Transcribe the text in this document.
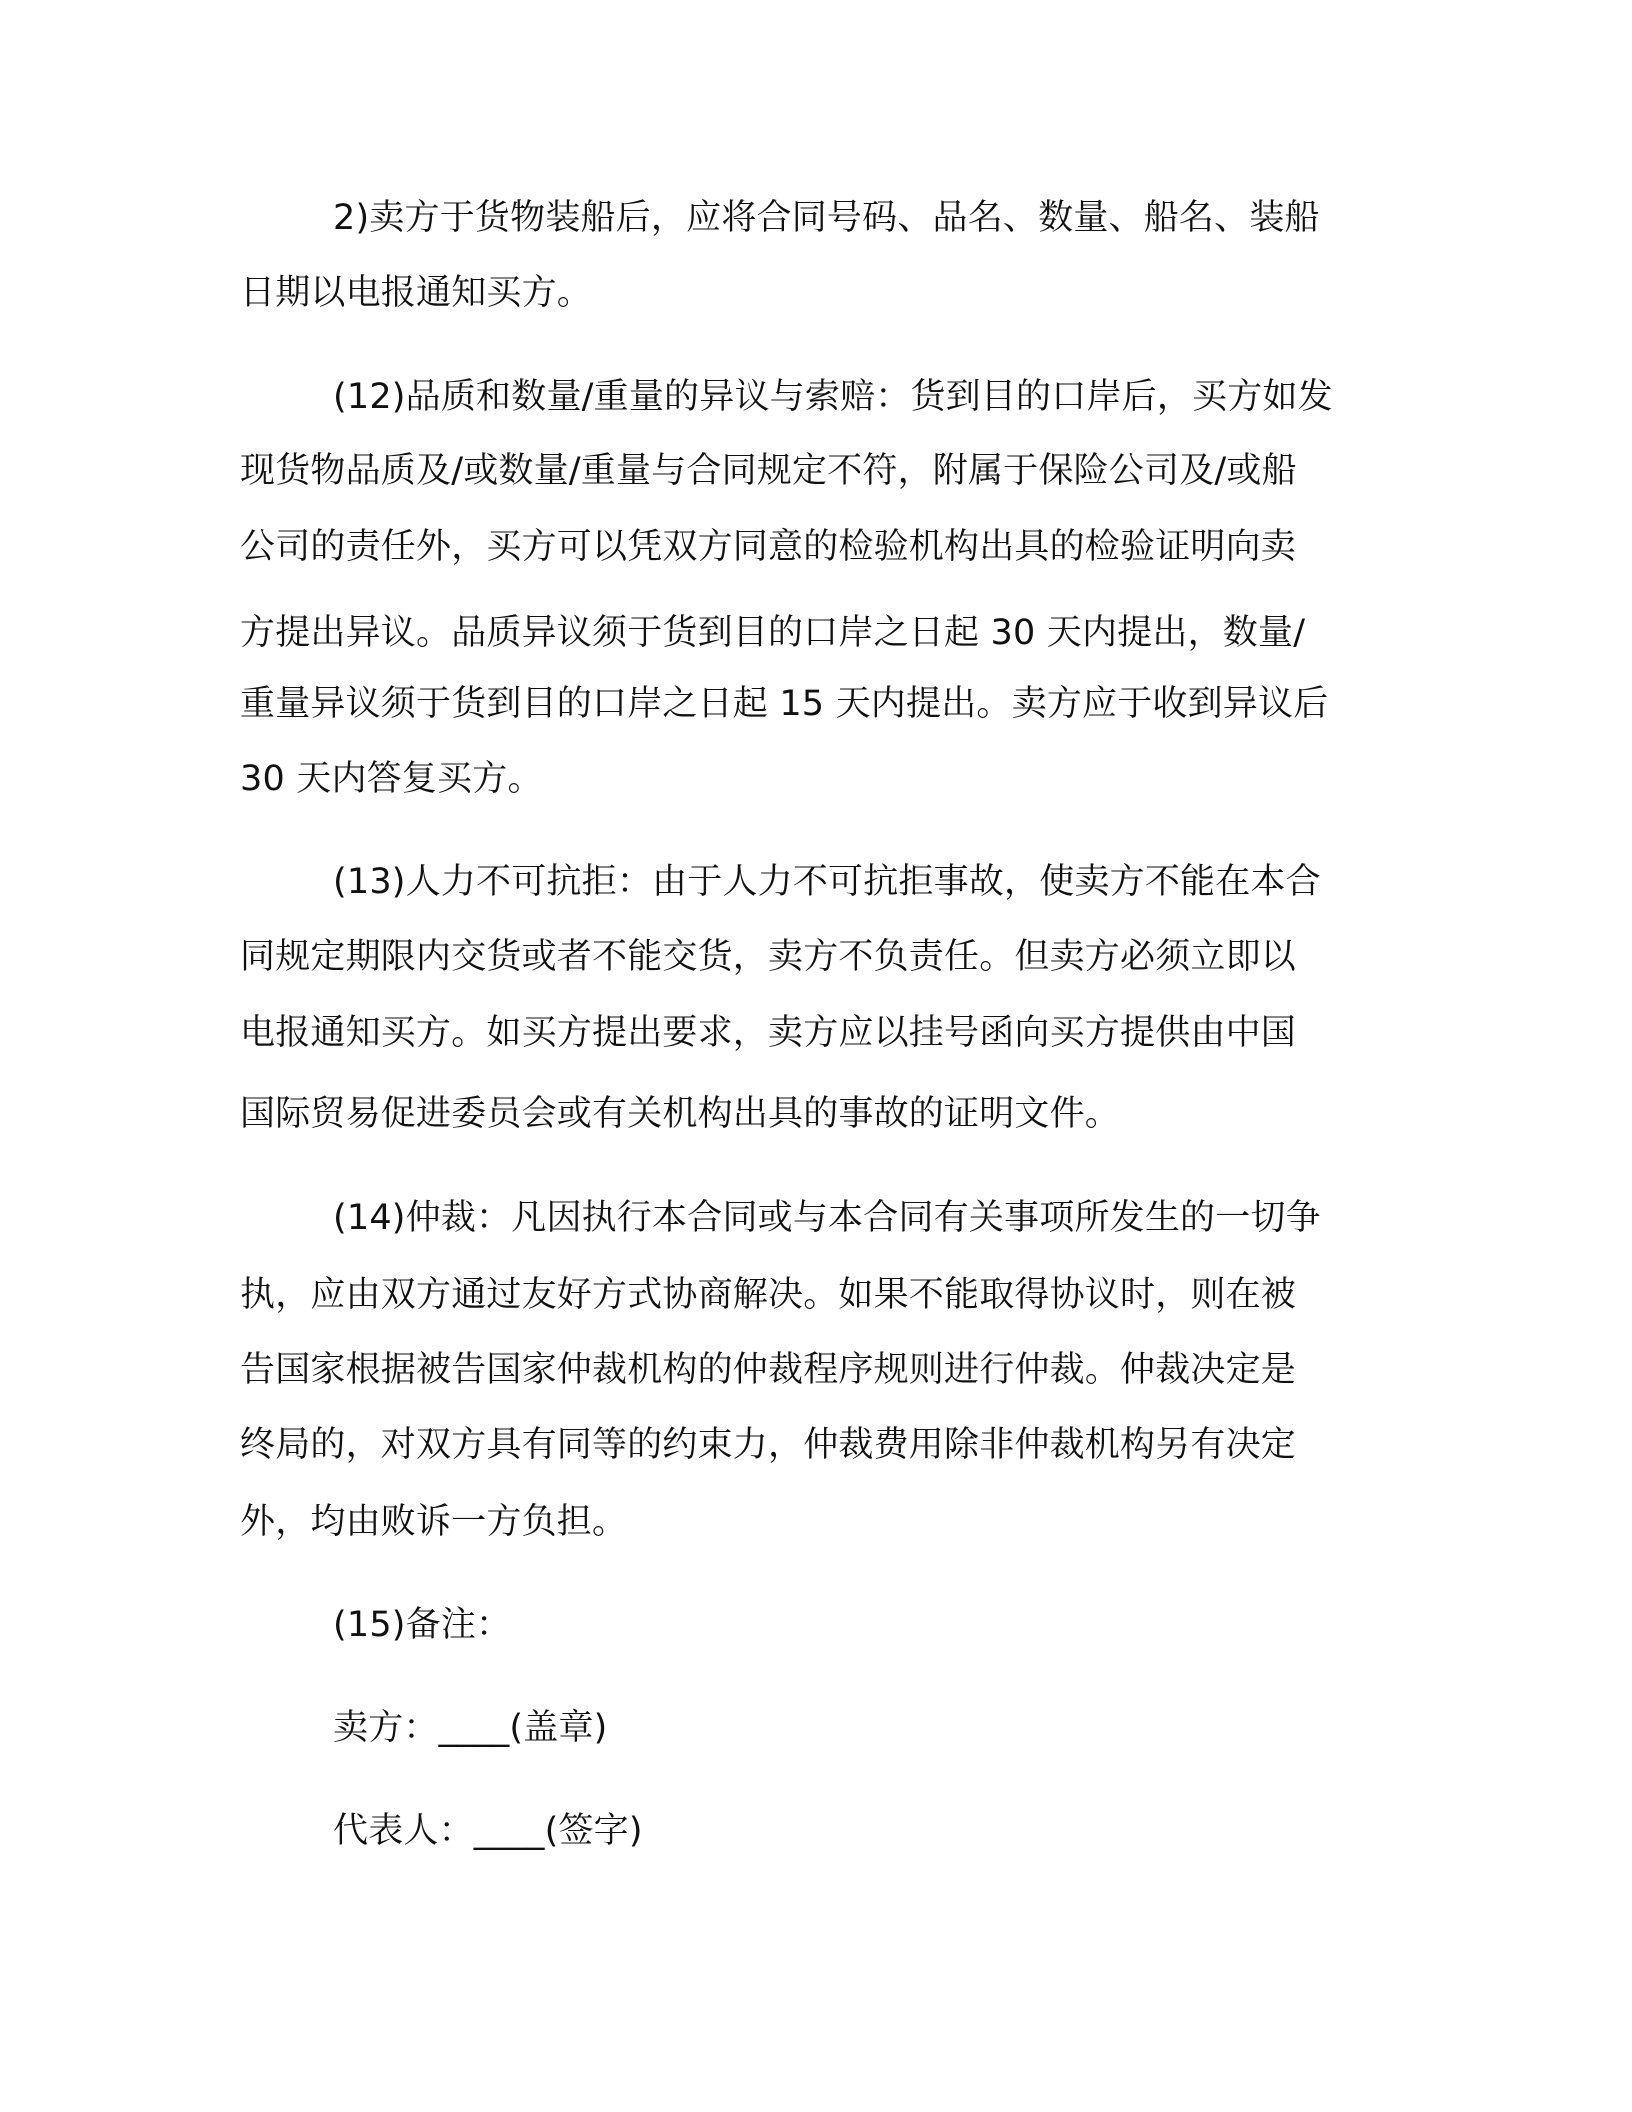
2)卖方于货物装船后，应将合同号码、品名、数量、船名、装船
日期以电报通知买方。
(12)品质和数量/重量的异议与索赔：货到目的口岸后，买方如发
现货物品质及/或数量/重量与合同规定不符，附属于保险公司及/或船
公司的责任外，买方可以凭双方同意的检验机构出具的检验证明向卖
方提出异议。品质异议须于货到目的口岸之日起 30 天内提出，数量/
重量异议须于货到目的口岸之日起 15 天内提出。卖方应于收到异议后
30 天内答复买方。
(13)人力不可抗拒：由于人力不可抗拒事故，使卖方不能在本合
同规定期限内交货或者不能交货，卖方不负责任。但卖方必须立即以
电报通知买方。如买方提出要求，卖方应以挂号函向买方提供由中国
国际贸易促进委员会或有关机构出具的事故的证明文件。
(14)仲裁：凡因执行本合同或与本合同有关事项所发生的一切争
执，应由双方通过友好方式协商解决。如果不能取得协议时，则在被
告国家根据被告国家仲裁机构的仲裁程序规则进行仲裁。仲裁决定是
终局的，对双方具有同等的约束力，仲裁费用除非仲裁机构另有决定
外，均由败诉一方负担。
(15)备注：
卖方：____(盖章)
代表人：____(签字)
